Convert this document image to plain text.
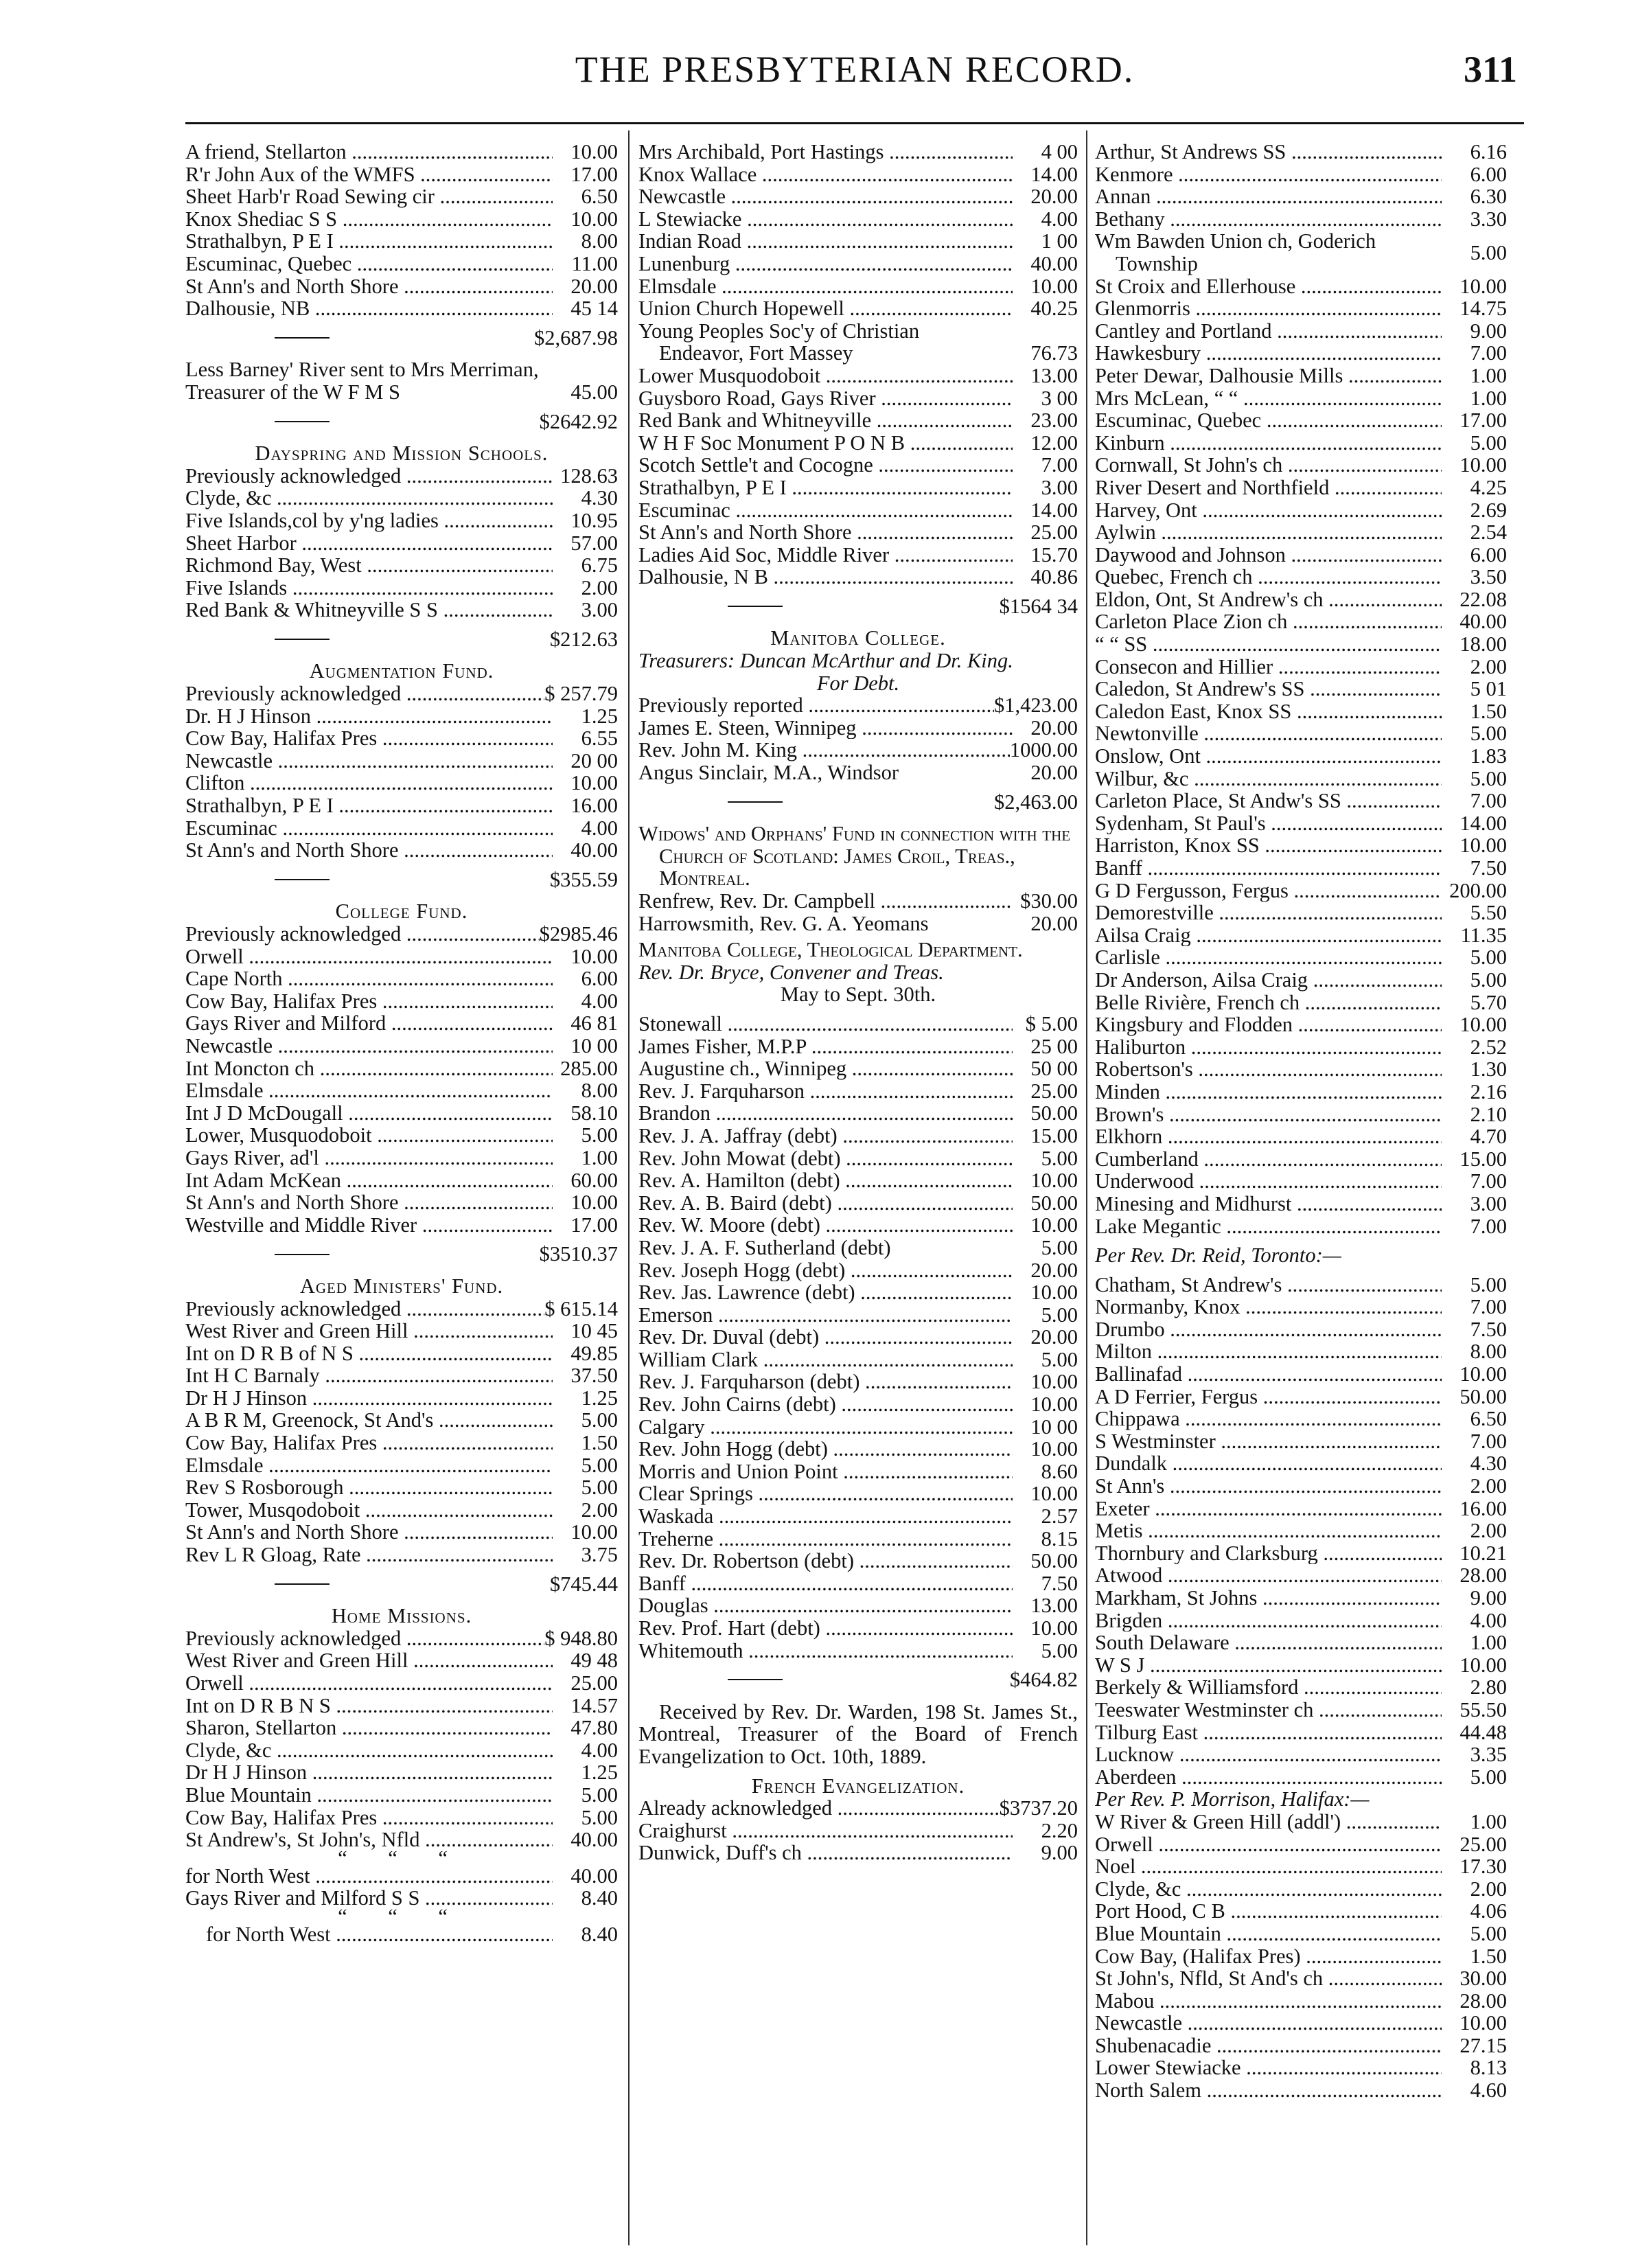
THE PRESBYTERIAN RECORD.	311
A friend, Stellarton .....	10.00
R'r John Aux of the WMFS .....	17.00
Sheet Harb'r Road Sewing cir .....	6.50
Knox Shediac S S .....	10.00
Strathalbyn, P E I .....	8.00
Escuminac, Quebec .....	11.00
St Ann's and North Shore .....	20.00
Dalhousie, NB .....	45 14
$2,687.98
Less Barney' River sent to Mrs Merriman, Treasurer of the W F M S	45.00
$2642.92
Dayspring and Mission Schools.
Previously acknowledged .....	128.63
Clyde, &c .....	4.30
Five Islands,col by y'ng ladies .....	10.95
Sheet Harbor .....	57.00
Richmond Bay, West .....	6.75
Five Islands .....	2.00
Red Bank & Whitneyville S S .....	3.00
$212.63
Augmentation Fund.
Previously acknowledged .....	$ 257.79
Dr. H J Hinson .....	1.25
Cow Bay, Halifax Pres .....	6.55
Newcastle .....	20 00
Clifton .....	10.00
Strathalbyn, P E I .....	16.00
Escuminac .....	4.00
St Ann's and North Shore .....	40.00
$355.59
College Fund.
Previously acknowledged .....	$2985.46
Orwell .....	10.00
Cape North .....	6.00
Cow Bay, Halifax Pres .....	4.00
Gays River and Milford .....	46 81
Newcastle .....	10 00
Int Moncton ch .....	285.00
Elmsdale .....	8.00
Int J D McDougall .....	58.10
Lower, Musquodoboit .....	5.00
Gays River, ad'l .....	1.00
Int Adam McKean .....	60.00
St Ann's and North Shore .....	10.00
Westville and Middle River .....	17.00
$3510.37
Aged Ministers' Fund.
Previously acknowledged .....	$ 615.14
West River and Green Hill .....	10 45
Int on D R B of N S .....	49.85
Int H C Barnaly .....	37.50
Dr H J Hinson .....	1.25
A B R M, Greenock, St And's .....	5.00
Cow Bay, Halifax Pres .....	1.50
Elmsdale .....	5.00
Rev S Rosborough .....	5.00
Tower, Musqodoboit .....	2.00
St Ann's and North Shore .....	10.00
Rev L R Gloag, Rate .....	3.75
$745.44
Home Missions.
Previously acknowledged .....	$ 948.80
West River and Green Hill .....	49 48
Orwell .....	25.00
Int on D R B N S .....	14.57
Sharon, Stellarton .....	47.80
Clyde, &c .....	4.00
Dr H J Hinson .....	1.25
Blue Mountain .....	5.00
Cow Bay, Halifax Pres .....	5.00
St Andrew's, St John's, Nfld .....	40.00
“ “ “
for North West .....	40.00
Gays River and Milford S S .....	8.40
“ “ “
for North West .....	8.40
Mrs Archibald, Port Hastings .....	4 00
Knox Wallace .....	14.00
Newcastle .....	20.00
L Stewiacke .....	4.00
Indian Road .....	1 00
Lunenburg .....	40.00
Elmsdale .....	10.00
Union Church Hopewell .....	40.25
Young Peoples Soc'y of Christian Endeavor, Fort Massey	76.73
Lower Musquodoboit .....	13.00
Guysboro Road, Gays River .....	3 00
Red Bank and Whitneyville .....	23.00
W H F Soc Monument P O N B .....	12.00
Scotch Settle't and Cocogne .....	7.00
Strathalbyn, P E I .....	3.00
Escuminac .....	14.00
St Ann's and North Shore .....	25.00
Ladies Aid Soc, Middle River .....	15.70
Dalhousie, N B .....	40.86
$1564 34
Manitoba College.
Treasurers: Duncan McArthur and Dr. King.
For Debt.
Previously reported .....	$1,423.00
James E. Steen, Winnipeg .....	20.00
Rev. John M. King .....	1000.00
Angus Sinclair, M.A., Windsor	20.00
$2,463.00
Widows' and Orphans' Fund in connection with the Church of Scotland: James Croil, Treas., Montreal.
Renfrew, Rev. Dr. Campbell .....	$30.00
Harrowsmith, Rev. G. A. Yeomans	20.00
Manitoba College, Theological Department.
Rev. Dr. Bryce, Convener and Treas.
May to Sept. 30th.
Stonewall .....	$ 5.00
James Fisher, M.P.P .....	25 00
Augustine ch., Winnipeg .....	50 00
Rev. J. Farquharson .....	25.00
Brandon .....	50.00
Rev. J. A. Jaffray (debt) .....	15.00
Rev. John Mowat (debt) .....	5.00
Rev. A. Hamilton (debt) .....	10.00
Rev. A. B. Baird (debt) .....	50.00
Rev. W. Moore (debt) .....	10.00
Rev. J. A. F. Sutherland (debt)	5.00
Rev. Joseph Hogg (debt) .....	20.00
Rev. Jas. Lawrence (debt) .....	10.00
Emerson .....	5.00
Rev. Dr. Duval (debt) .....	20.00
William Clark .....	5.00
Rev. J. Farquharson (debt) .....	10.00
Rev. John Cairns (debt) .....	10.00
Calgary .....	10 00
Rev. John Hogg (debt) .....	10.00
Morris and Union Point .....	8.60
Clear Springs .....	10.00
Waskada .....	2.57
Treherne .....	8.15
Rev. Dr. Robertson (debt) .....	50.00
Banff .....	7.50
Douglas .....	13.00
Rev. Prof. Hart (debt) .....	10.00
Whitemouth .....	5.00
$464.82
Received by Rev. Dr. Warden, 198 St. James St., Montreal, Treasurer of the Board of French Evangelization to Oct. 10th, 1889.
French Evangelization.
Already acknowledged .....	$3737.20
Craighurst .....	2.20
Dunwick, Duff's ch .....	9.00
Arthur, St Andrews SS .....	6.16
Kenmore .....	6.00
Annan .....	6.30
Bethany .....	3.30
Wm Bawden Union ch, Goderich Township	5.00
St Croix and Ellerhouse .....	10.00
Glenmorris .....	14.75
Cantley and Portland .....	9.00
Hawkesbury .....	7.00
Peter Dewar, Dalhousie Mills .....	1.00
Mrs McLean, “ “ .....	1.00
Escuminac, Quebec .....	17.00
Kinburn .....	5.00
Cornwall, St John's ch .....	10.00
River Desert and Northfield .....	4.25
Harvey, Ont .....	2.69
Aylwin .....	2.54
Daywood and Johnson .....	6.00
Quebec, French ch .....	3.50
Eldon, Ont, St Andrew's ch .....	22.08
Carleton Place Zion ch .....	40.00
“ “ SS .....	18.00
Consecon and Hillier .....	2.00
Caledon, St Andrew's SS .....	5 01
Caledon East, Knox SS .....	1.50
Newtonville .....	5.00
Onslow, Ont .....	1.83
Wilbur, &c .....	5.00
Carleton Place, St Andw's SS .....	7.00
Sydenham, St Paul's .....	14.00
Harriston, Knox SS .....	10.00
Banff .....	7.50
G D Fergusson, Fergus .....	200.00
Demorestville .....	5.50
Ailsa Craig .....	11.35
Carlisle .....	5.00
Dr Anderson, Ailsa Craig .....	5.00
Belle Rivière, French ch .....	5.70
Kingsbury and Flodden .....	10.00
Haliburton .....	2.52
Robertson's .....	1.30
Minden .....	2.16
Brown's .....	2.10
Elkhorn .....	4.70
Cumberland .....	15.00
Underwood .....	7.00
Minesing and Midhurst .....	3.00
Lake Megantic .....	7.00
Per Rev. Dr. Reid, Toronto:—
Chatham, St Andrew's .....	5.00
Normanby, Knox .....	7.00
Drumbo .....	7.50
Milton .....	8.00
Ballinafad .....	10.00
A D Ferrier, Fergus .....	50.00
Chippawa .....	6.50
S Westminster .....	7.00
Dundalk .....	4.30
St Ann's .....	2.00
Exeter .....	16.00
Metis .....	2.00
Thornbury and Clarksburg .....	10.21
Atwood .....	28.00
Markham, St Johns .....	9.00
Brigden .....	4.00
South Delaware .....	1.00
W S J .....	10.00
Berkely & Williamsford .....	2.80
Teeswater Westminster ch .....	55.50
Tilburg East .....	44.48
Lucknow .....	3.35
Aberdeen .....	5.00
Per Rev. P. Morrison, Halifax:—
W River & Green Hill (addl') .....	1.00
Orwell .....	25.00
Noel .....	17.30
Clyde, &c .....	2.00
Port Hood, C B .....	4.06
Blue Mountain .....	5.00
Cow Bay, (Halifax Pres) .....	1.50
St John's, Nfld, St And's ch .....	30.00
Mabou .....	28.00
Newcastle .....	10.00
Shubenacadie .....	27.15
Lower Stewiacke .....	8.13
North Salem .....	4.60
